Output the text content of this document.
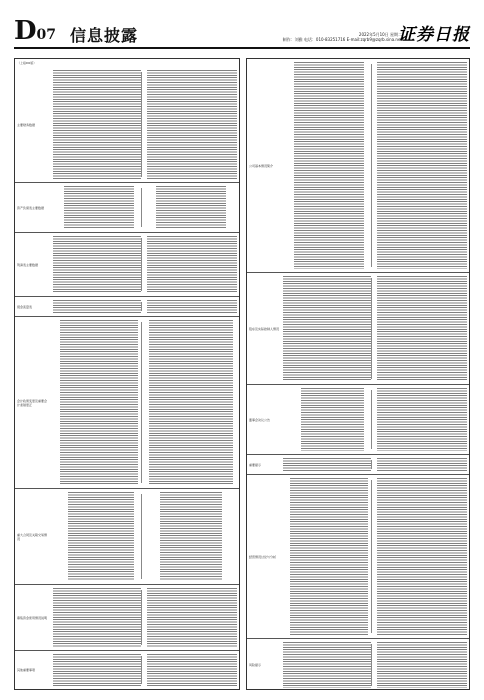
D07 信息披露	2022年5月10日 星期二
制作：刘雅 电话：010-83251716 E-mail:zqrb9@zqrb.sina.net
证券日报
（上接D6版）
主要财务数据
资产负债表主要数据
利润表主要数据
现金流量表
会计政策变更及重要会计差错更正
重大合同及关联交易情况
募集资金使用情况说明
其他重要事项
公司基本情况简介
股东及实际控制人情况
董事会决议公告
重要提示
经营情况讨论与分析
风险提示
